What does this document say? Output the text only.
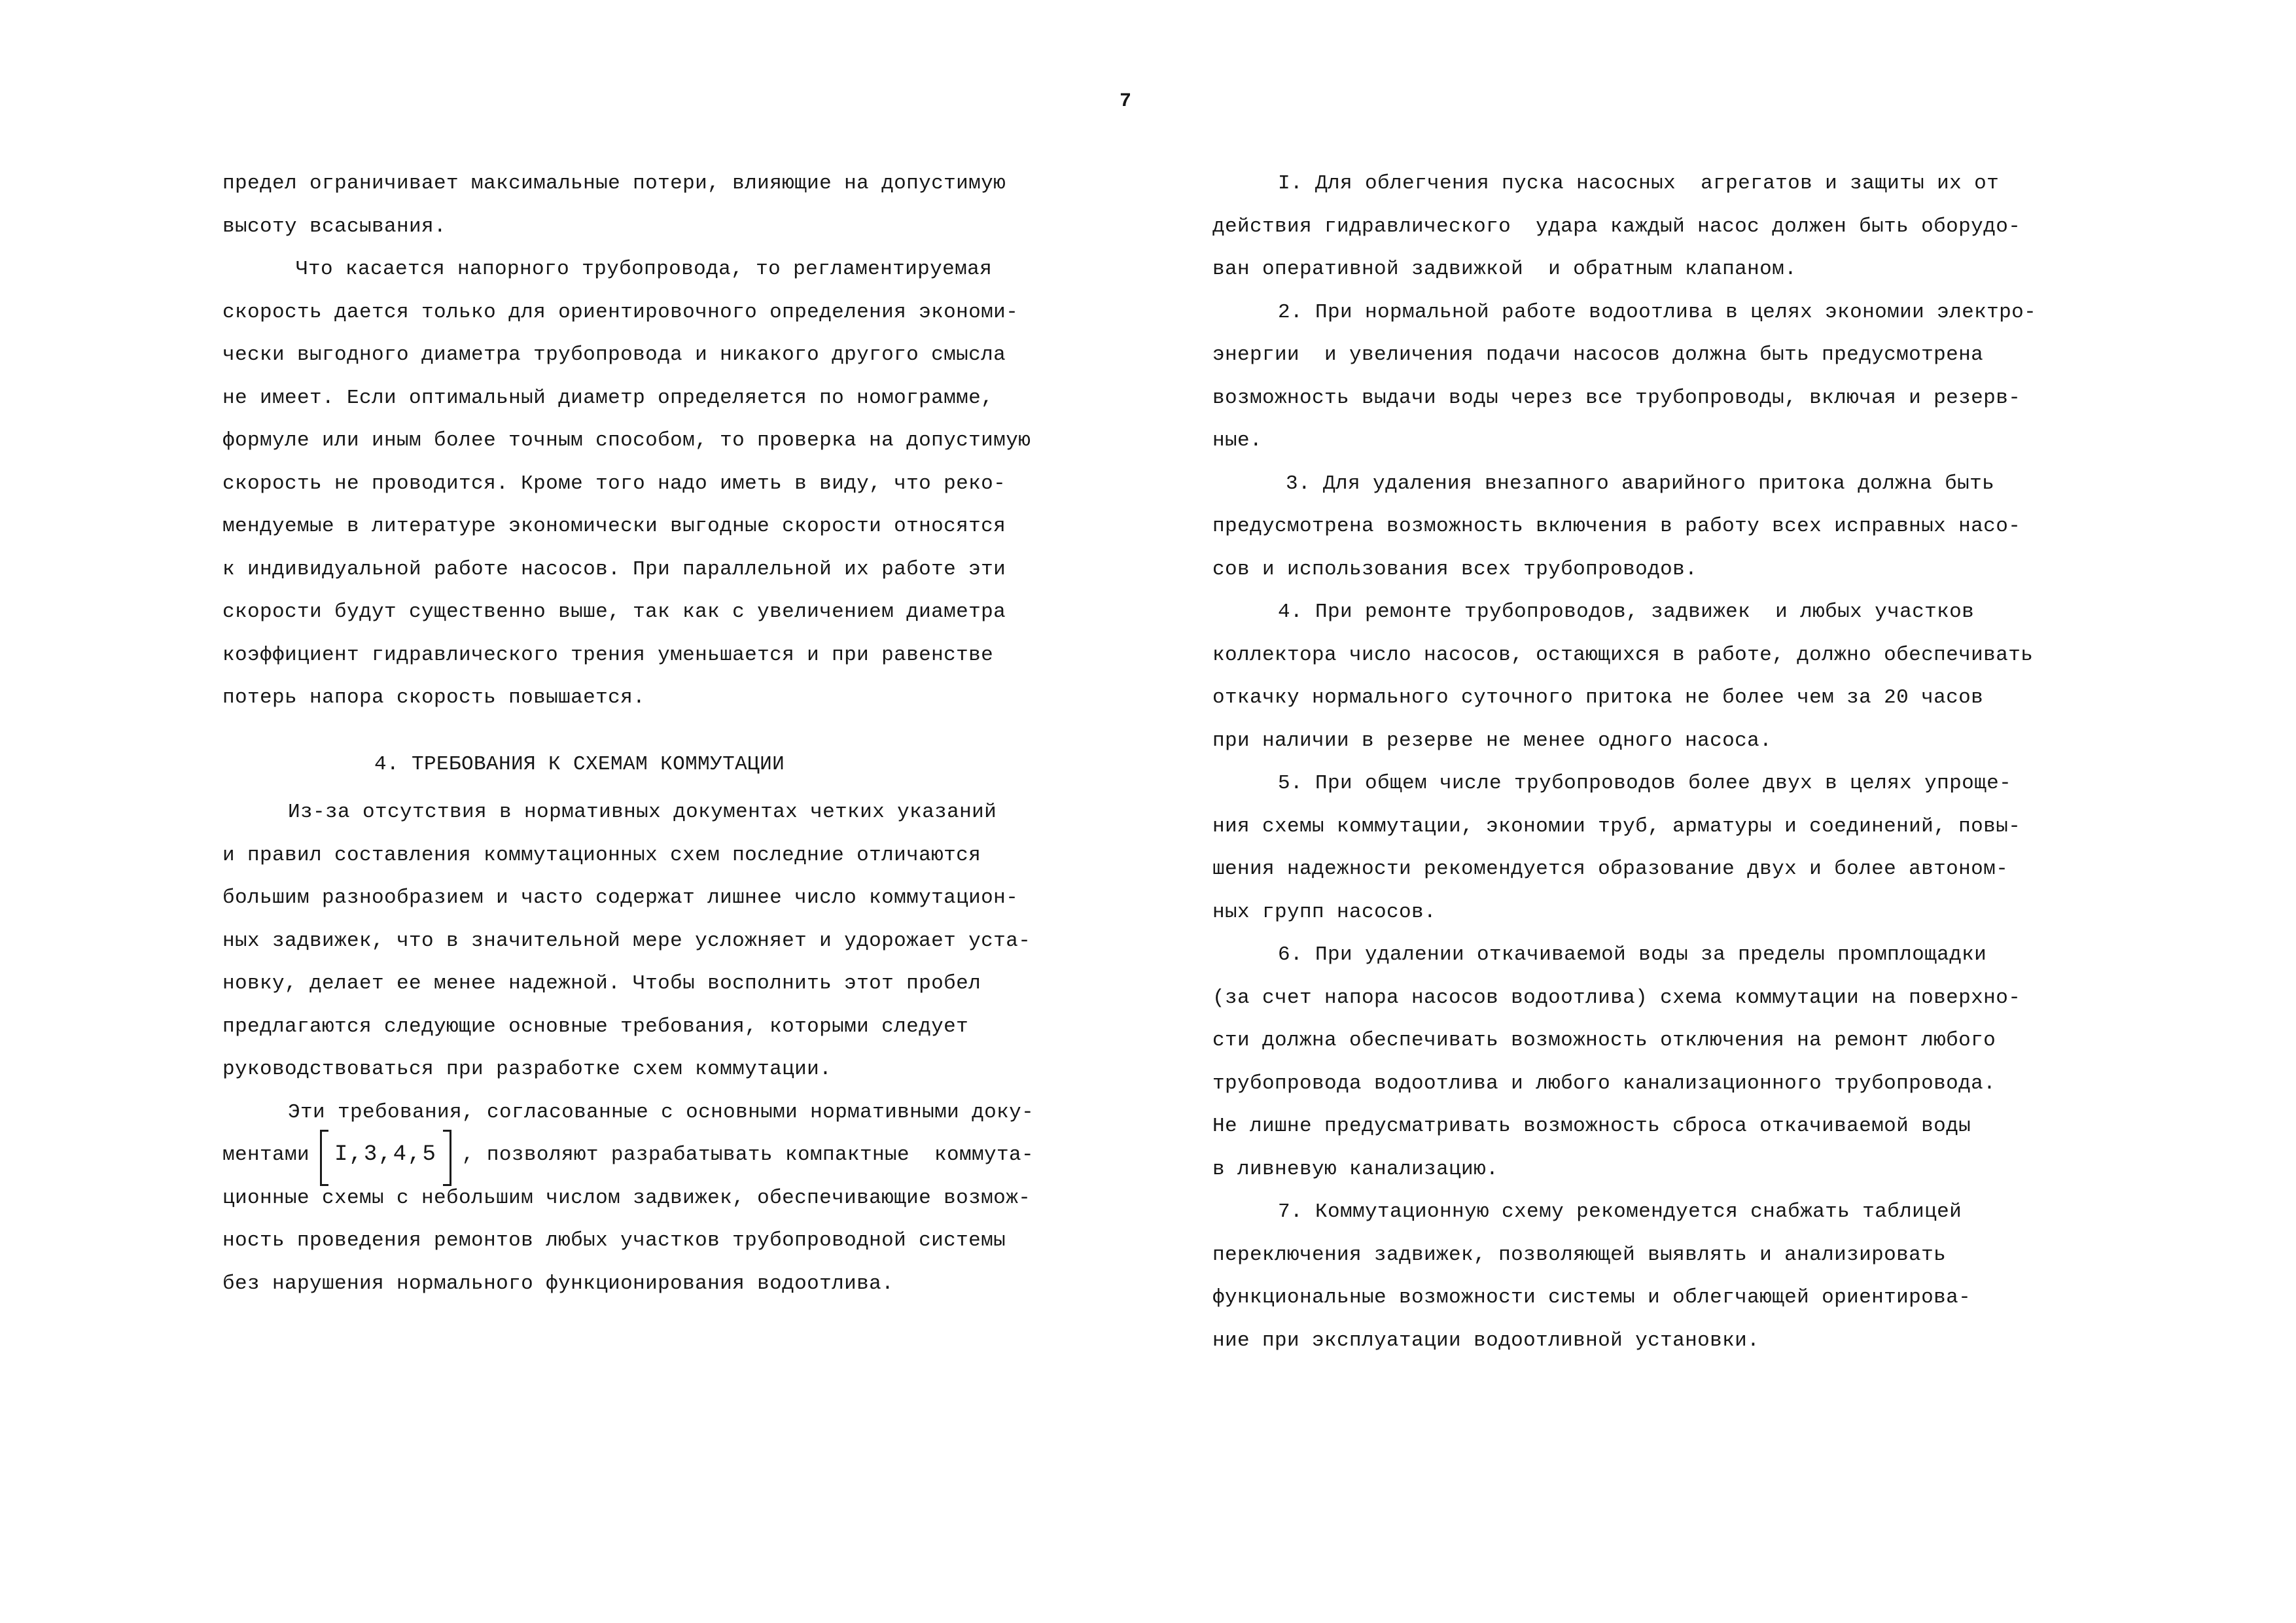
7
предел ограничивает максимальные потери, влияющие на допустимую
высоту всасывания.
Что касается напорного трубопровода, то регламентируемая
скорость дается только для ориентировочного определения экономи-
чески выгодного диаметра трубопровода и никакого другого смысла
не имеет. Если оптимальный диаметр определяется по номограмме,
формуле или иным более точным способом, то проверка на допустимую
скорость не проводится. Кроме того надо иметь в виду, что реко-
мендуемые в литературе экономически выгодные скорости относятся
к индивидуальной работе насосов. При параллельной их работе эти
скорости будут существенно выше, так как с увеличением диаметра
коэффициент гидравлического трения уменьшается и при равенстве
потерь напора скорость повышается.
4. ТРЕБОВАНИЯ К СХЕМАМ КОММУТАЦИИ
Из-за отсутствия в нормативных документах четких указаний
и правил составления коммутационных схем последние отличаются
большим разнообразием и часто содержат лишнее число коммутацион-
ных задвижек, что в значительной мере усложняет и удорожает уста-
новку, делает ее менее надежной. Чтобы восполнить этот пробел
предлагаются следующие основные требования, которыми следует
руководствоваться при разработке схем коммутации.
Эти требования, согласованные с основными нормативными доку-
ментами I,3,4,5 , позволяют разрабатывать компактные  коммута-
ционные схемы с небольшим числом задвижек, обеспечивающие возмож-
ность проведения ремонтов любых участков трубопроводной системы
без нарушения нормального функционирования водоотлива.
I. Для облегчения пуска насосных  агрегатов и защиты их от
действия гидравлического  удара каждый насос должен быть оборудо-
ван оперативной задвижкой  и обратным клапаном.
2. При нормальной работе водоотлива в целях экономии электро-
энергии  и увеличения подачи насосов должна быть предусмотрена
возможность выдачи воды через все трубопроводы, включая и резерв-
ные.
3. Для удаления внезапного аварийного притока должна быть
предусмотрена возможность включения в работу всех исправных насо-
сов и использования всех трубопроводов.
4. При ремонте трубопроводов, задвижек  и любых участков
коллектора число насосов, остающихся в работе, должно обеспечивать
откачку нормального суточного притока не более чем за 20 часов
при наличии в резерве не менее одного насоса.
5. При общем числе трубопроводов более двух в целях упроще-
ния схемы коммутации, экономии труб, арматуры и соединений, повы-
шения надежности рекомендуется образование двух и более автоном-
ных групп насосов.
6. При удалении откачиваемой воды за пределы промплощадки
(за счет напора насосов водоотлива) схема коммутации на поверхно-
сти должна обеспечивать возможность отключения на ремонт любого
трубопровода водоотлива и любого канализационного трубопровода.
Не лишне предусматривать возможность сброса откачиваемой воды
в ливневую канализацию.
7. Коммутационную схему рекомендуется снабжать таблицей
переключения задвижек, позволяющей выявлять и анализировать
функциональные возможности системы и облегчающей ориентирова-
ние при эксплуатации водоотливной установки.
